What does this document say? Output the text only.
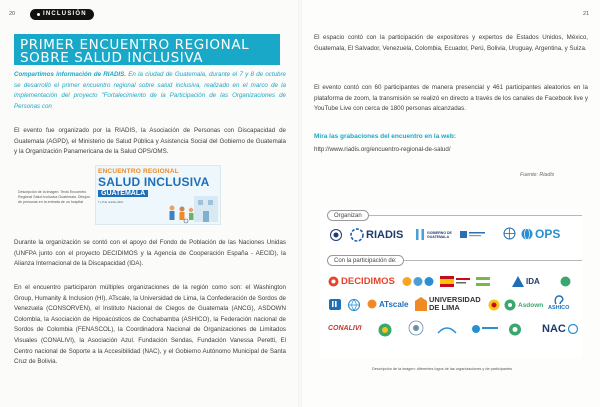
20	INCLUSIÓN
PRIMER ENCUENTRO REGIONAL
SOBRE SALUD INCLUSIVA
Compartimos información de RIADIS. En la ciudad de Guatemala, durante el 7 y 8 de octubre se desarrolló el primer encuentro regional sobre salud inclusiva, realizado en el marco de la implementación del proyecto "Fortalecimiento de la Participación de las Organizaciones de Personas con
El evento fue organizado por la RIADIS, la Asociación de Personas con Discapacidad de Guatemala (AGPD), el Ministerio de Salud Pública y Asistencia Social del Gobierno de Guatemala y la Organización Panamericana de la Salud OPS/OMS.
Descripción de la imagen: Texto Encuentro Regional Salud Inclusiva Guatemala. Dibujos de personas en la entrada de un hospital
ENCUENTRO REGIONAL
SALUD INCLUSIVA
GUATEMALA
7 y 8 de octubre 2021
Durante la organización se contó con el apoyo del Fondo de Población de las Naciones Unidas (UNFPA junto con el proyecto DECIDIMOS y la Agencia de Cooperación España - AECID), la Alianza Internacional de la Discapacidad (IDA).
En el encuentro participaron múltiples organizaciones de la región como son: el Washington Group, Humanity & Inclusion (HI), ATscale, la Universidad de Lima, la Confederación de Sordos de Venezuela (CONSORVEN), el Instituto Nacional de Ciegos de Guatemala (ANCG), ASDOWN Colombia, la Asociación de Hipoacústicos de Cochabamba (ASHICO), la Federación nacional de Sordos de Colombia (FENASCOL), la Coordinadora Nacional de Organizaciones de Limitados Visuales (CONALIVI), la Asociación Azul. Fundación Sendas, Fundación Vanessa Peretti, El Centro nacional de Soporte a la Accesibilidad (NAC), y el Gobierno Autónomo Municipal de Santa Cruz de Bolivia.
21
El espacio contó con la participación de expositores y expertos de Estados Unidos, México, Guatemala, El Salvador, Venezuela, Colombia, Ecuador, Perú, Bolivia, Uruguay, Argentina, y Suiza.
El evento contó con 60 participantes de manera presencial y 461 participantes aleatorios en la plataforma de zoom, la transmisión se realizó en directo a través de los canales de Facebook live y YouTube Live con cerca de 1800 personas alcanzadas.
Mira las grabaciones del encuentro en la web:
http://www.riadis.org/encuentro-regional-de-salud/
Fuente: Riadis
Organizan
RIADIS	GOBIERNO DE GUATEMALA	OPS
Con la participación de:
DECIDIMOS	IDA
ATscale	UNIVERSIDAD
DE LIMA	Asdown ASHICO
CONALIVI	NAC
Descripción de la imagen: diferentes logos de las organizaciones y de participantes
